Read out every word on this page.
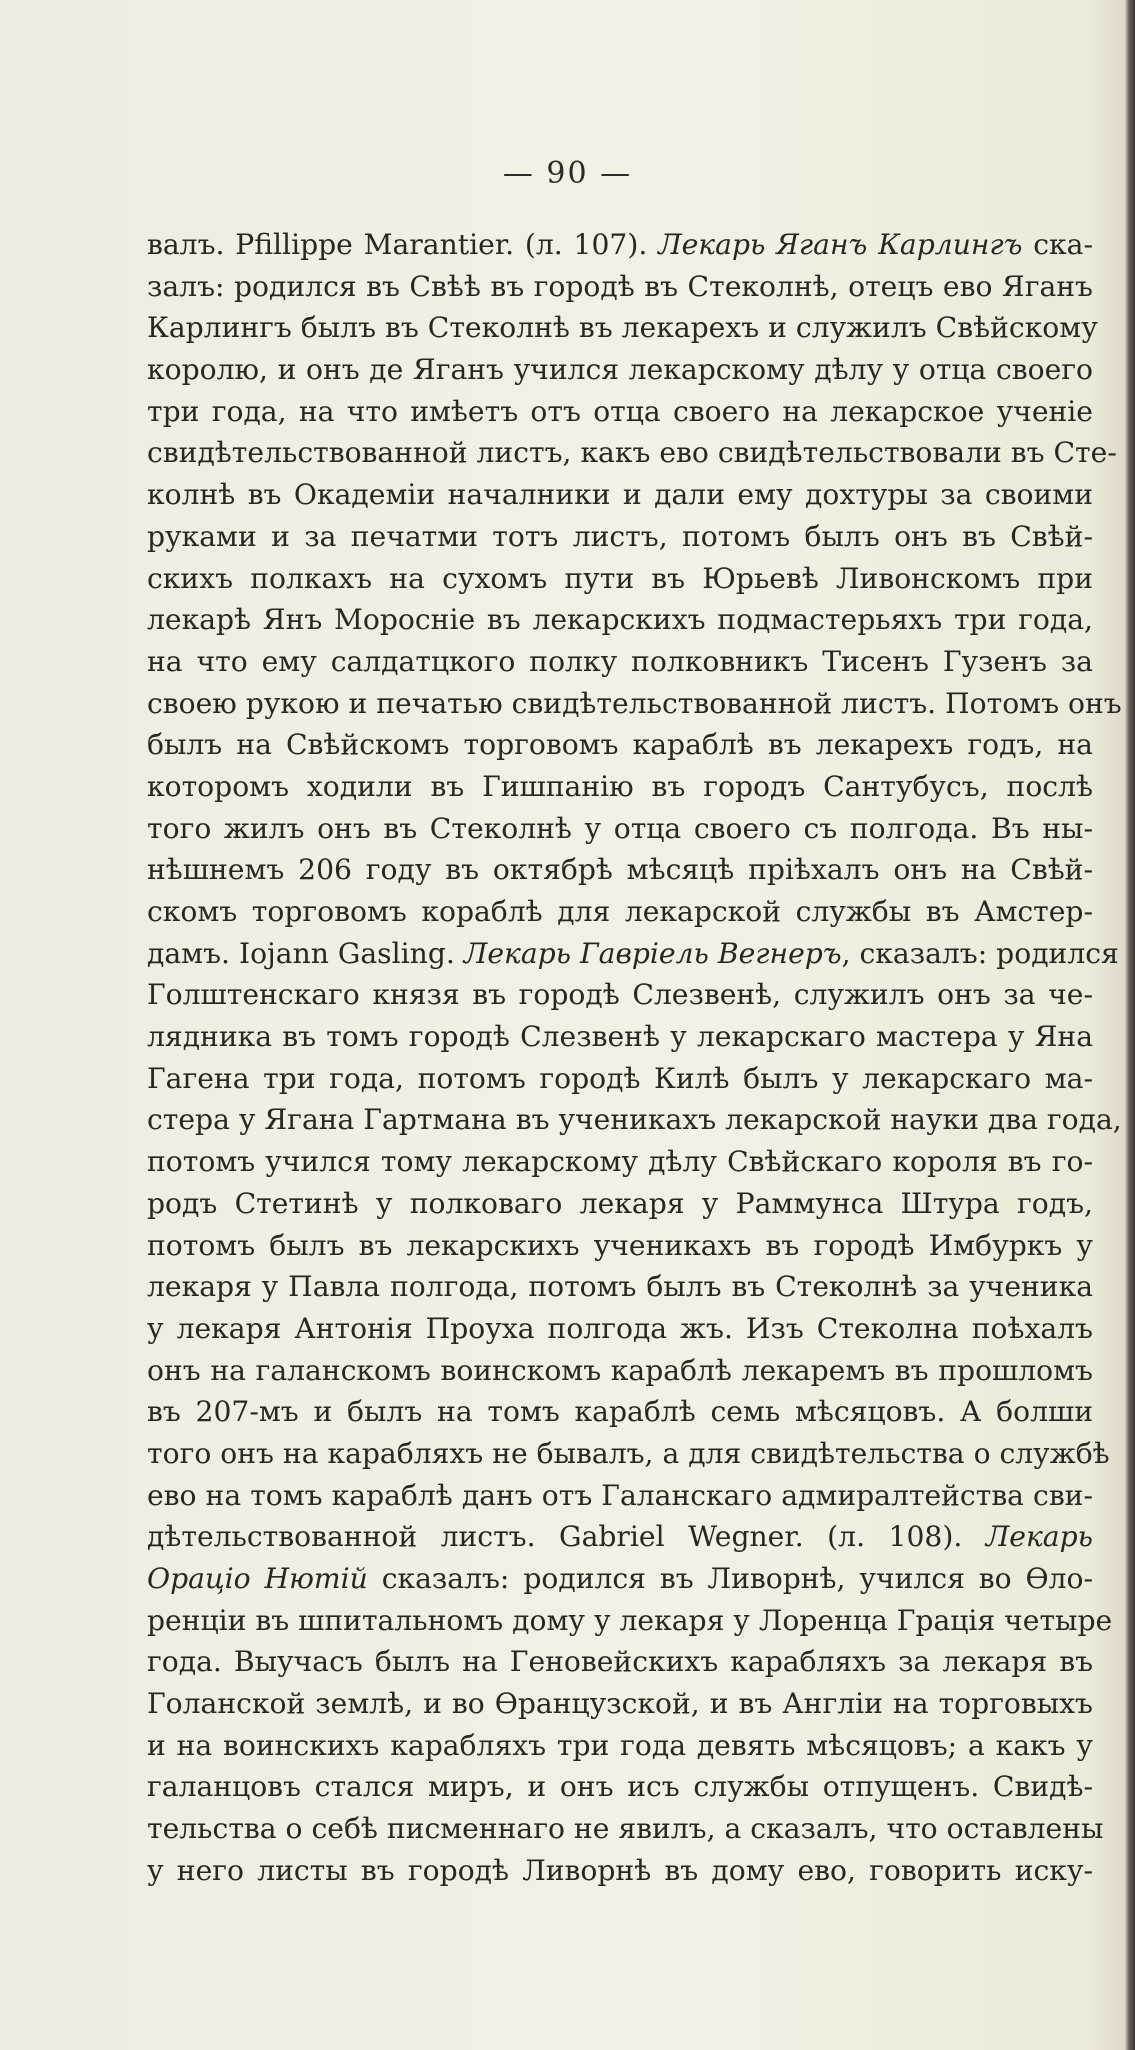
— 90 —
валъ. Pfillippe Marantier. (л. 107). Лекарь Яганъ Карлингъ ска-
залъ: родился въ Свѣѣ въ городѣ въ Стеколнѣ, отецъ ево Яганъ
Карлингъ былъ въ Стеколнѣ въ лекарехъ и служилъ Свѣйскому
королю, и онъ де Яганъ учился лекарскому дѣлу у отца своего
три года, на что имѣетъ отъ отца своего на лекарское ученіе
свидѣтельствованной листъ, какъ ево свидѣтельствовали въ Сте-
колнѣ въ Окадеміи началники и дали ему дохтуры за своими
руками и за печатми тотъ листъ, потомъ былъ онъ въ Свѣй-
скихъ полкахъ на сухомъ пути въ Юрьевѣ Ливонскомъ при
лекарѣ Янъ Моросніе въ лекарскихъ подмастерьяхъ три года,
на что ему салдатцкого полку полковникъ Тисенъ Гузенъ за
своею рукою и печатью свидѣтельствованной листъ. Потомъ онъ
былъ на Свѣйскомъ торговомъ караблѣ въ лекарехъ годъ, на
которомъ ходили въ Гишпанію въ городъ Сантубусъ, послѣ
того жилъ онъ въ Стеколнѣ у отца своего съ полгода. Въ ны-
нѣшнемъ 206 году въ октябрѣ мѣсяцѣ пріѣхалъ онъ на Свѣй-
скомъ торговомъ кораблѣ для лекарской службы въ Амстер-
дамъ. Iojann Gasling. Лекарь Гавріель Вегнеръ, сказалъ: родился
Голштенскаго князя въ городѣ Слезвенѣ, служилъ онъ за че-
лядника въ томъ городѣ Слезвенѣ у лекарскаго мастера у Яна
Гагена три года, потомъ городѣ Килѣ былъ у лекарскаго ма-
стера у Ягана Гартмана въ ученикахъ лекарской науки два года,
потомъ учился тому лекарскому дѣлу Свѣйскаго короля въ го-
родъ Стетинѣ у полковаго лекаря у Раммунса Штура годъ,
потомъ былъ въ лекарскихъ ученикахъ въ городѣ Имбуркъ у
лекаря у Павла полгода, потомъ былъ въ Стеколнѣ за ученика
у лекаря Антонія Проуха полгода жъ. Изъ Стеколна поѣхалъ
онъ на галанскомъ воинскомъ караблѣ лекаремъ въ прошломъ
въ 207-мъ и былъ на томъ караблѣ семь мѣсяцовъ. А болши
того онъ на карабляхъ не бывалъ, а для свидѣтельства о службѣ
ево на томъ караблѣ данъ отъ Галанскаго адмиралтейства сви-
дѣтельствованной листъ. Gabriel Wegner. (л. 108). Лекарь
Ораціо Нютій сказалъ: родился въ Ливорнѣ, учился во Ѳло-
ренціи въ шпитальномъ дому у лекаря у Лоренца Грація четыре
года. Выучасъ былъ на Геновейскихъ карабляхъ за лекаря въ
Голанской землѣ, и во Ѳранцузской, и въ Англіи на торговыхъ
и на воинскихъ карабляхъ три года девять мѣсяцовъ; а какъ у
галанцовъ сталcя миръ, и онъ исъ службы отпущенъ. Свидѣ-
тельства о себѣ писменнаго не явилъ, а сказалъ, что оставлены
у него листы въ городѣ Ливорнѣ въ дому ево, говорить иску-
